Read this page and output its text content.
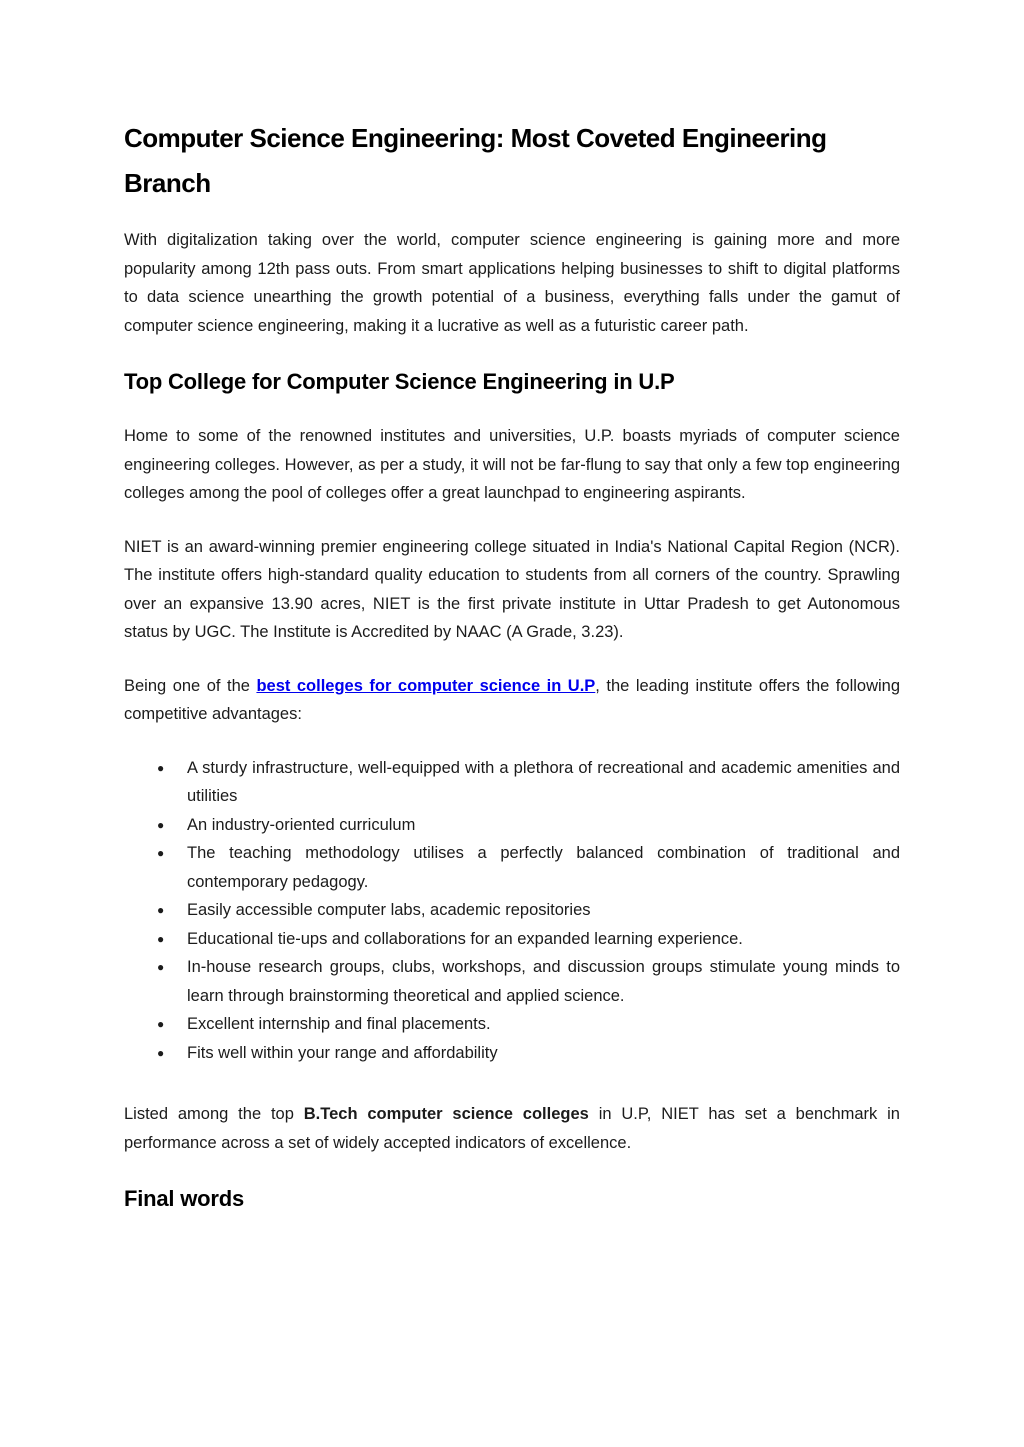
Computer Science Engineering: Most Coveted Engineering Branch

With digitalization taking over the world, computer science engineering is gaining more and more popularity among 12th pass outs. From smart applications helping businesses to shift to digital platforms to data science unearthing the growth potential of a business, everything falls under the gamut of computer science engineering, making it a lucrative as well as a futuristic career path.

Top College for Computer Science Engineering in U.P

Home to some of the renowned institutes and universities, U.P. boasts myriads of computer science engineering colleges. However, as per a study, it will not be far-flung to say that only a few top engineering colleges among the pool of colleges offer a great launchpad to engineering aspirants.

NIET is an award-winning premier engineering college situated in India's National Capital Region (NCR). The institute offers high-standard quality education to students from all corners of the country. Sprawling over an expansive 13.90 acres, NIET is the first private institute in Uttar Pradesh to get Autonomous status by UGC. The Institute is Accredited by NAAC (A Grade, 3.23).

Being one of the best colleges for computer science in U.P, the leading institute offers the following competitive advantages:

● A sturdy infrastructure, well-equipped with a plethora of recreational and academic amenities and utilities
● An industry-oriented curriculum
● The teaching methodology utilises a perfectly balanced combination of traditional and contemporary pedagogy.
● Easily accessible computer labs, academic repositories
● Educational tie-ups and collaborations for an expanded learning experience.
● In-house research groups, clubs, workshops, and discussion groups stimulate young minds to learn through brainstorming theoretical and applied science.
● Excellent internship and final placements.
● Fits well within your range and affordability

Listed among the top B.Tech computer science colleges in U.P, NIET has set a benchmark in performance across a set of widely accepted indicators of excellence.

Final words
